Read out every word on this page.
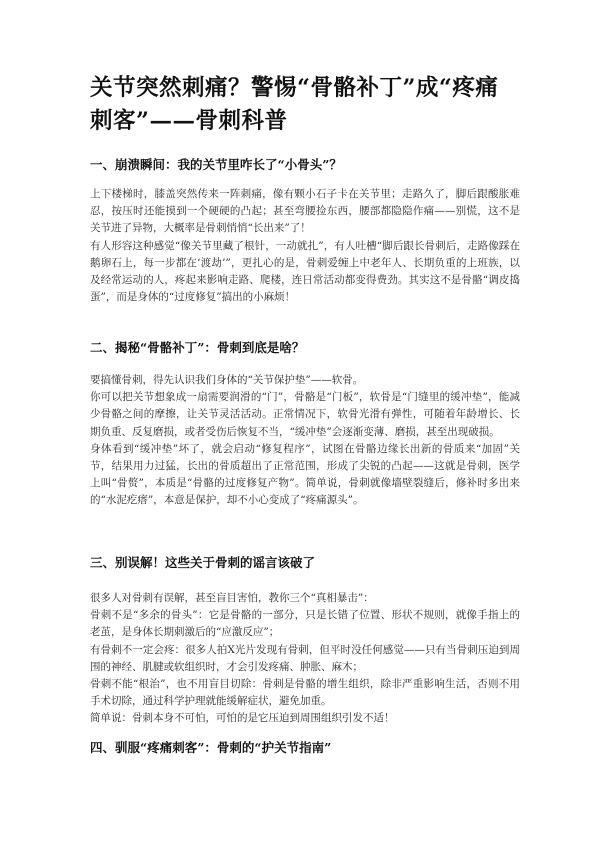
关节突然刺痛？警惕“骨骼补丁”成“疼痛刺客”——骨刺科普
一、崩溃瞬间：我的关节里咋长了“小骨头”？

上下楼梯时，膝盖突然传来一阵刺痛，像有颗小石子卡在关节里；走路久了，脚后跟酸胀难忍，按压时还能摸到一个硬硬的凸起；甚至弯腰捡东西，腰部都隐隐作痛——别慌，这不是关节进了异物，大概率是骨刺悄悄“长出来”了！

有人形容这种感觉“像关节里藏了根针，一动就扎”，有人吐槽“脚后跟长骨刺后，走路像踩在鹅卵石上，每一步都在‘渡劫’”，更扎心的是，骨刺爱缠上中老年人、长期负重的上班族，以及经常运动的人，疼起来影响走路、爬楼，连日常活动都变得费劲。其实这不是骨骼“调皮捣蛋”，而是身体的“过度修复”搞出的小麻烦！

二、揭秘“骨骼补丁”：骨刺到底是啥？

要搞懂骨刺，得先认识我们身体的“关节保护垫”——软骨。

你可以把关节想象成一扇需要润滑的“门”，骨骼是“门板”，软骨是“门缝里的缓冲垫”，能减少骨骼之间的摩擦，让关节灵活活动。正常情况下，软骨光滑有弹性，可随着年龄增长、长期负重、反复磨损，或者受伤后恢复不当，“缓冲垫”会逐渐变薄、磨损，甚至出现破损。

身体看到“缓冲垫”坏了，就会启动“修复程序”，试图在骨骼边缘长出新的骨质来“加固”关节，结果用力过猛，长出的骨质超出了正常范围，形成了尖锐的凸起——这就是骨刺，医学上叫“骨赘”，本质是“骨骼的过度修复产物”。简单说，骨刺就像墙壁裂缝后，修补时多出来的“水泥疙瘩”，本意是保护，却不小心变成了“疼痛源头”。

三、别误解！这些关于骨刺的谣言该破了

很多人对骨刺有误解，甚至盲目害怕，教你三个“真相暴击”：

骨刺不是“多余的骨头”：它是骨骼的一部分，只是长错了位置、形状不规则，就像手指上的老茧，是身体长期刺激后的“应激反应”；

有骨刺不一定会疼：很多人拍X光片发现有骨刺，但平时没任何感觉——只有当骨刺压迫到周围的神经、肌腱或软组织时，才会引发疼痛、肿胀、麻木；

骨刺不能“根治”，也不用盲目切除：骨刺是骨骼的增生组织，除非严重影响生活，否则不用手术切除，通过科学护理就能缓解症状，避免加重。

简单说：骨刺本身不可怕，可怕的是它压迫到周围组织引发不适！

四、驯服“疼痛刺客”：骨刺的“护关节指南”
